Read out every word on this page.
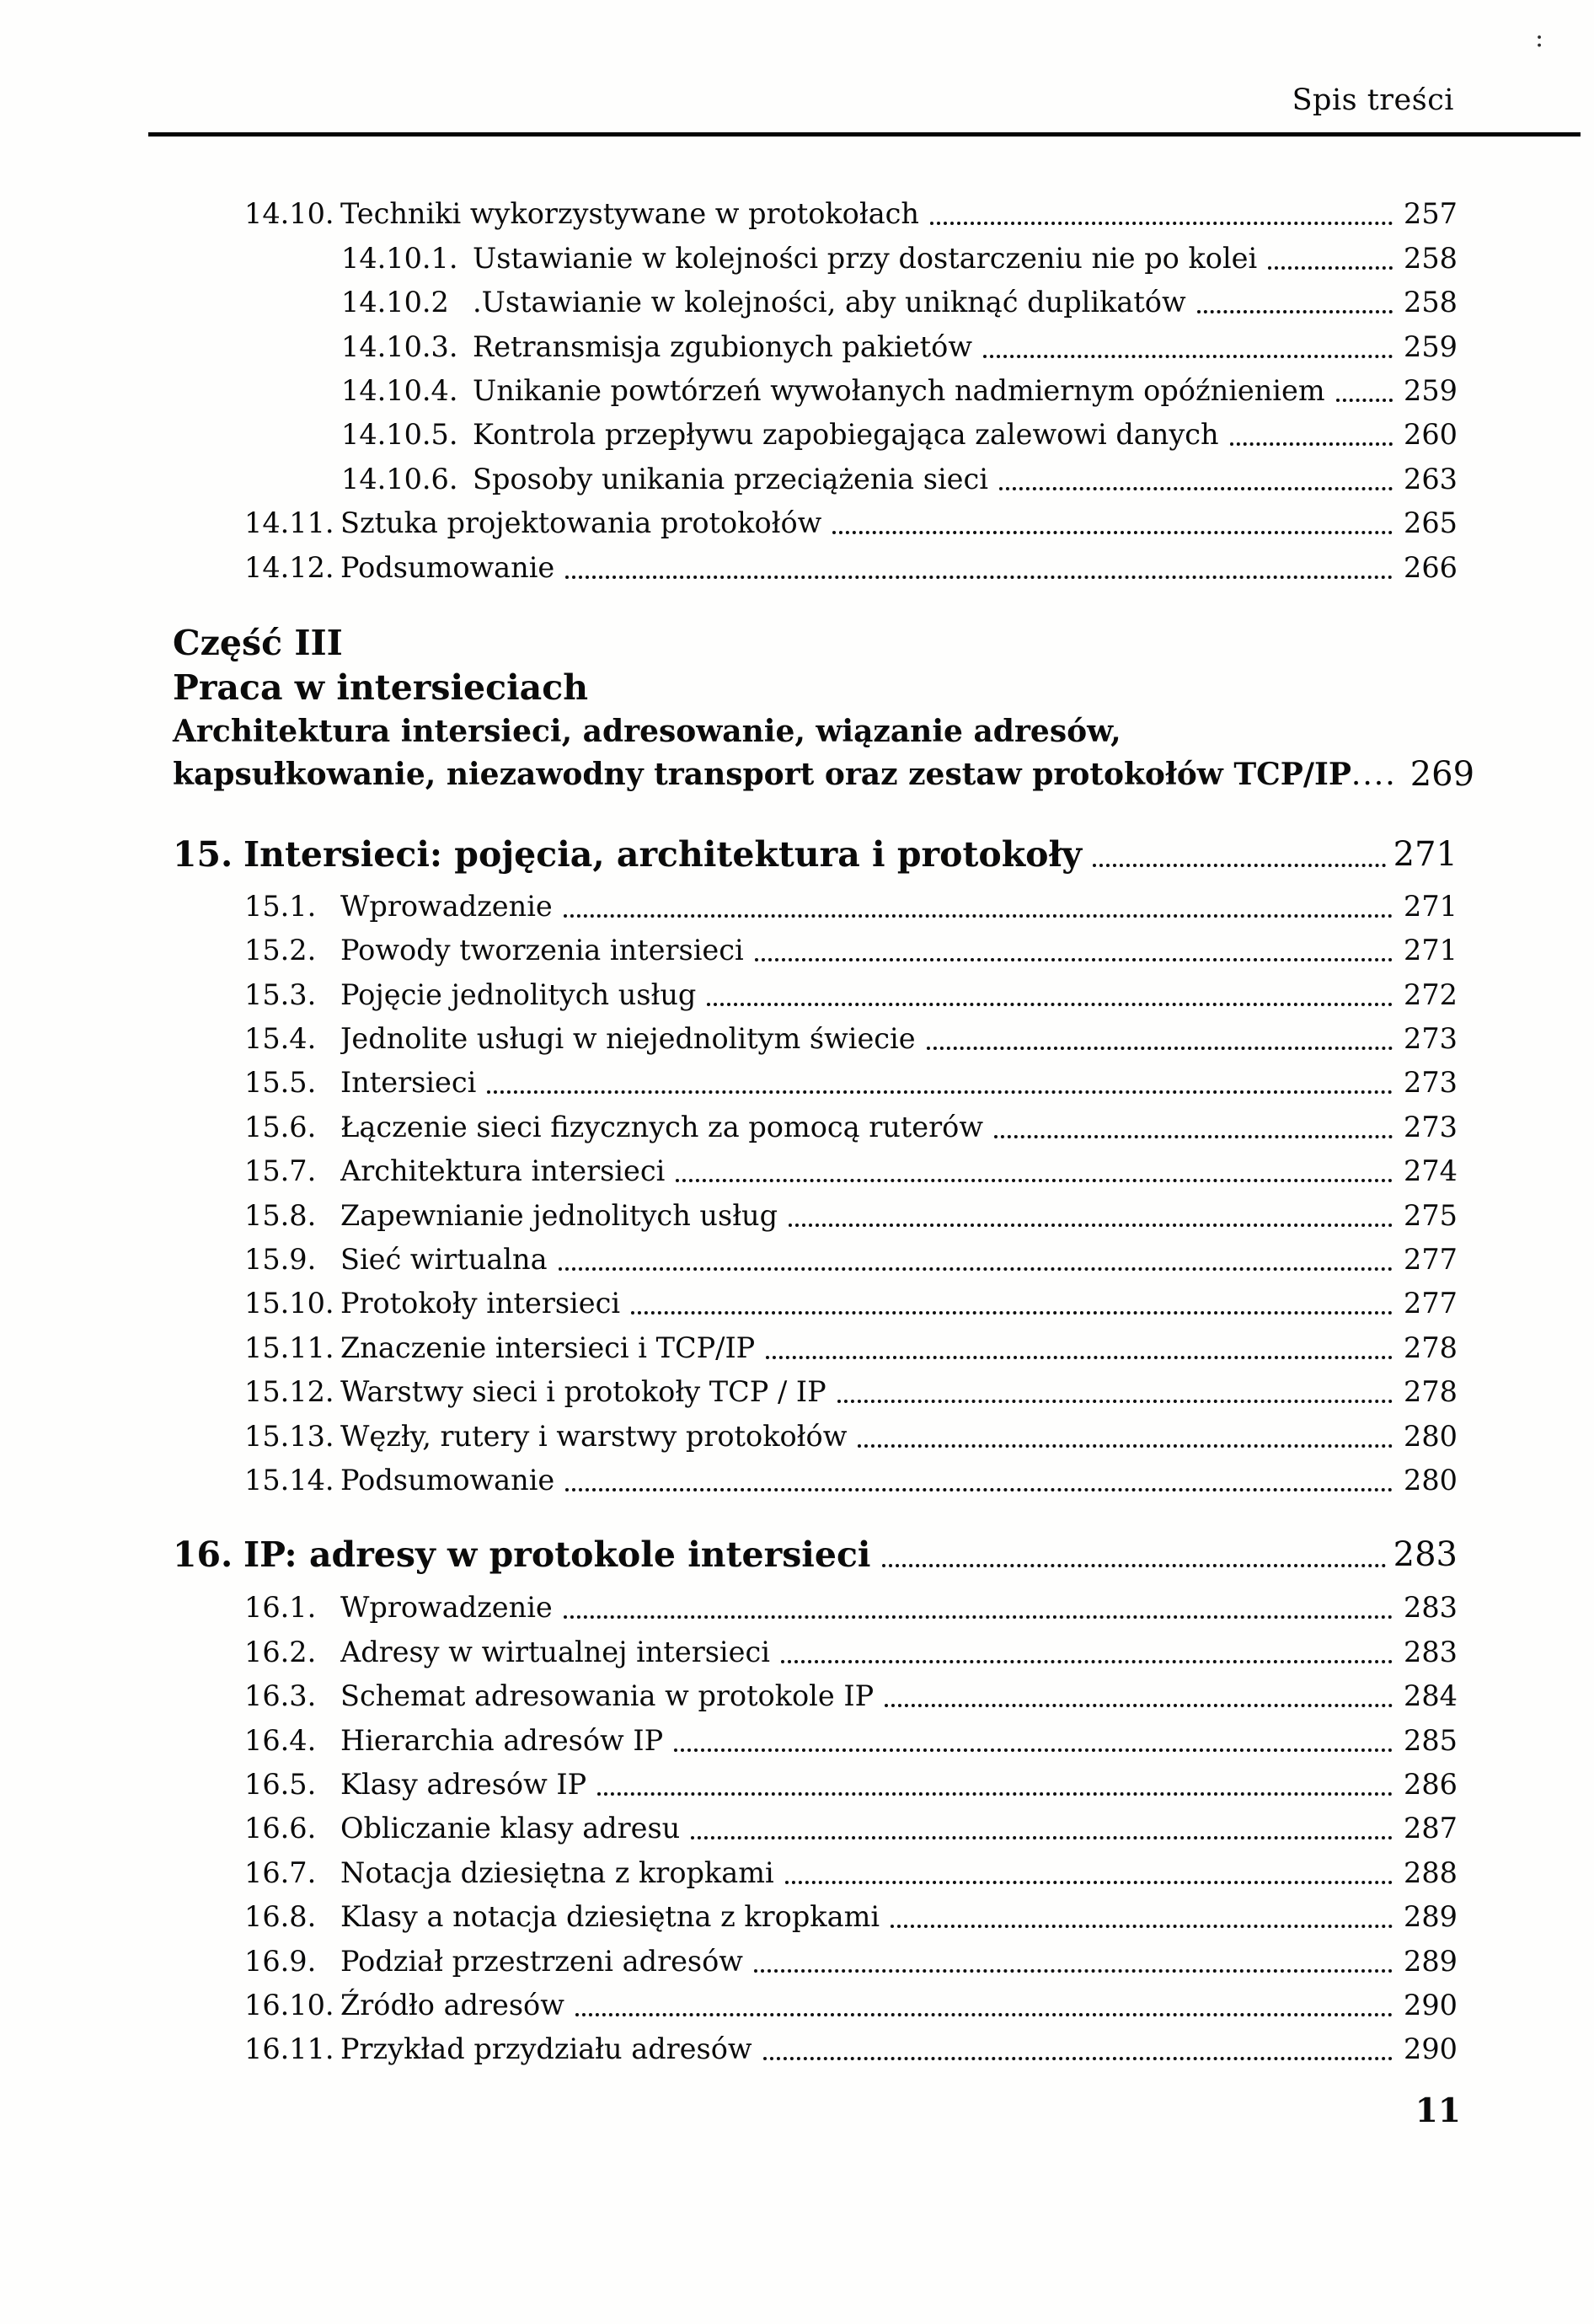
:
Spis treści
14.10. Techniki wykorzystywane w protokołach	257
14.10.1. Ustawianie w kolejności przy dostarczeniu nie po kolei	258
14.10.2 .Ustawianie w kolejności, aby uniknąć duplikatów	258
14.10.3. Retransmisja zgubionych pakietów	259
14.10.4. Unikanie powtórzeń wywołanych nadmiernym opóźnieniem	259
14.10.5. Kontrola przepływu zapobiegająca zalewowi danych	260
14.10.6. Sposoby unikania przeciążenia sieci	263
14.11. Sztuka projektowania protokołów	265
14.12. Podsumowanie	266
Część III
Praca w intersieciach
Architektura intersieci, adresowanie, wiązanie adresów,
kapsułkowanie, niezawodny transport oraz zestaw protokołów TCP/IP .... 269
15. Intersieci: pojęcia, architektura i protokoły	271
15.1. Wprowadzenie	271
15.2. Powody tworzenia intersieci	271
15.3. Pojęcie jednolitych usług	272
15.4. Jednolite usługi w niejednolitym świecie	273
15.5. Intersieci	273
15.6. Łączenie sieci fizycznych za pomocą ruterów	273
15.7. Architektura intersieci	274
15.8. Zapewnianie jednolitych usług	275
15.9. Sieć wirtualna	277
15.10. Protokoły intersieci	277
15.11. Znaczenie intersieci i TCP/IP	278
15.12. Warstwy sieci i protokoły TCP / IP	278
15.13. Węzły, rutery i warstwy protokołów	280
15.14. Podsumowanie	280
16. IP: adresy w protokole intersieci	283
16.1. Wprowadzenie	283
16.2. Adresy w wirtualnej intersieci	283
16.3. Schemat adresowania w protokole IP	284
16.4. Hierarchia adresów IP	285
16.5. Klasy adresów IP	286
16.6. Obliczanie klasy adresu	287
16.7. Notacja dziesiętna z kropkami	288
16.8. Klasy a notacja dziesiętna z kropkami	289
16.9. Podział przestrzeni adresów	289
16.10. Źródło adresów	290
16.11. Przykład przydziału adresów	290
11
